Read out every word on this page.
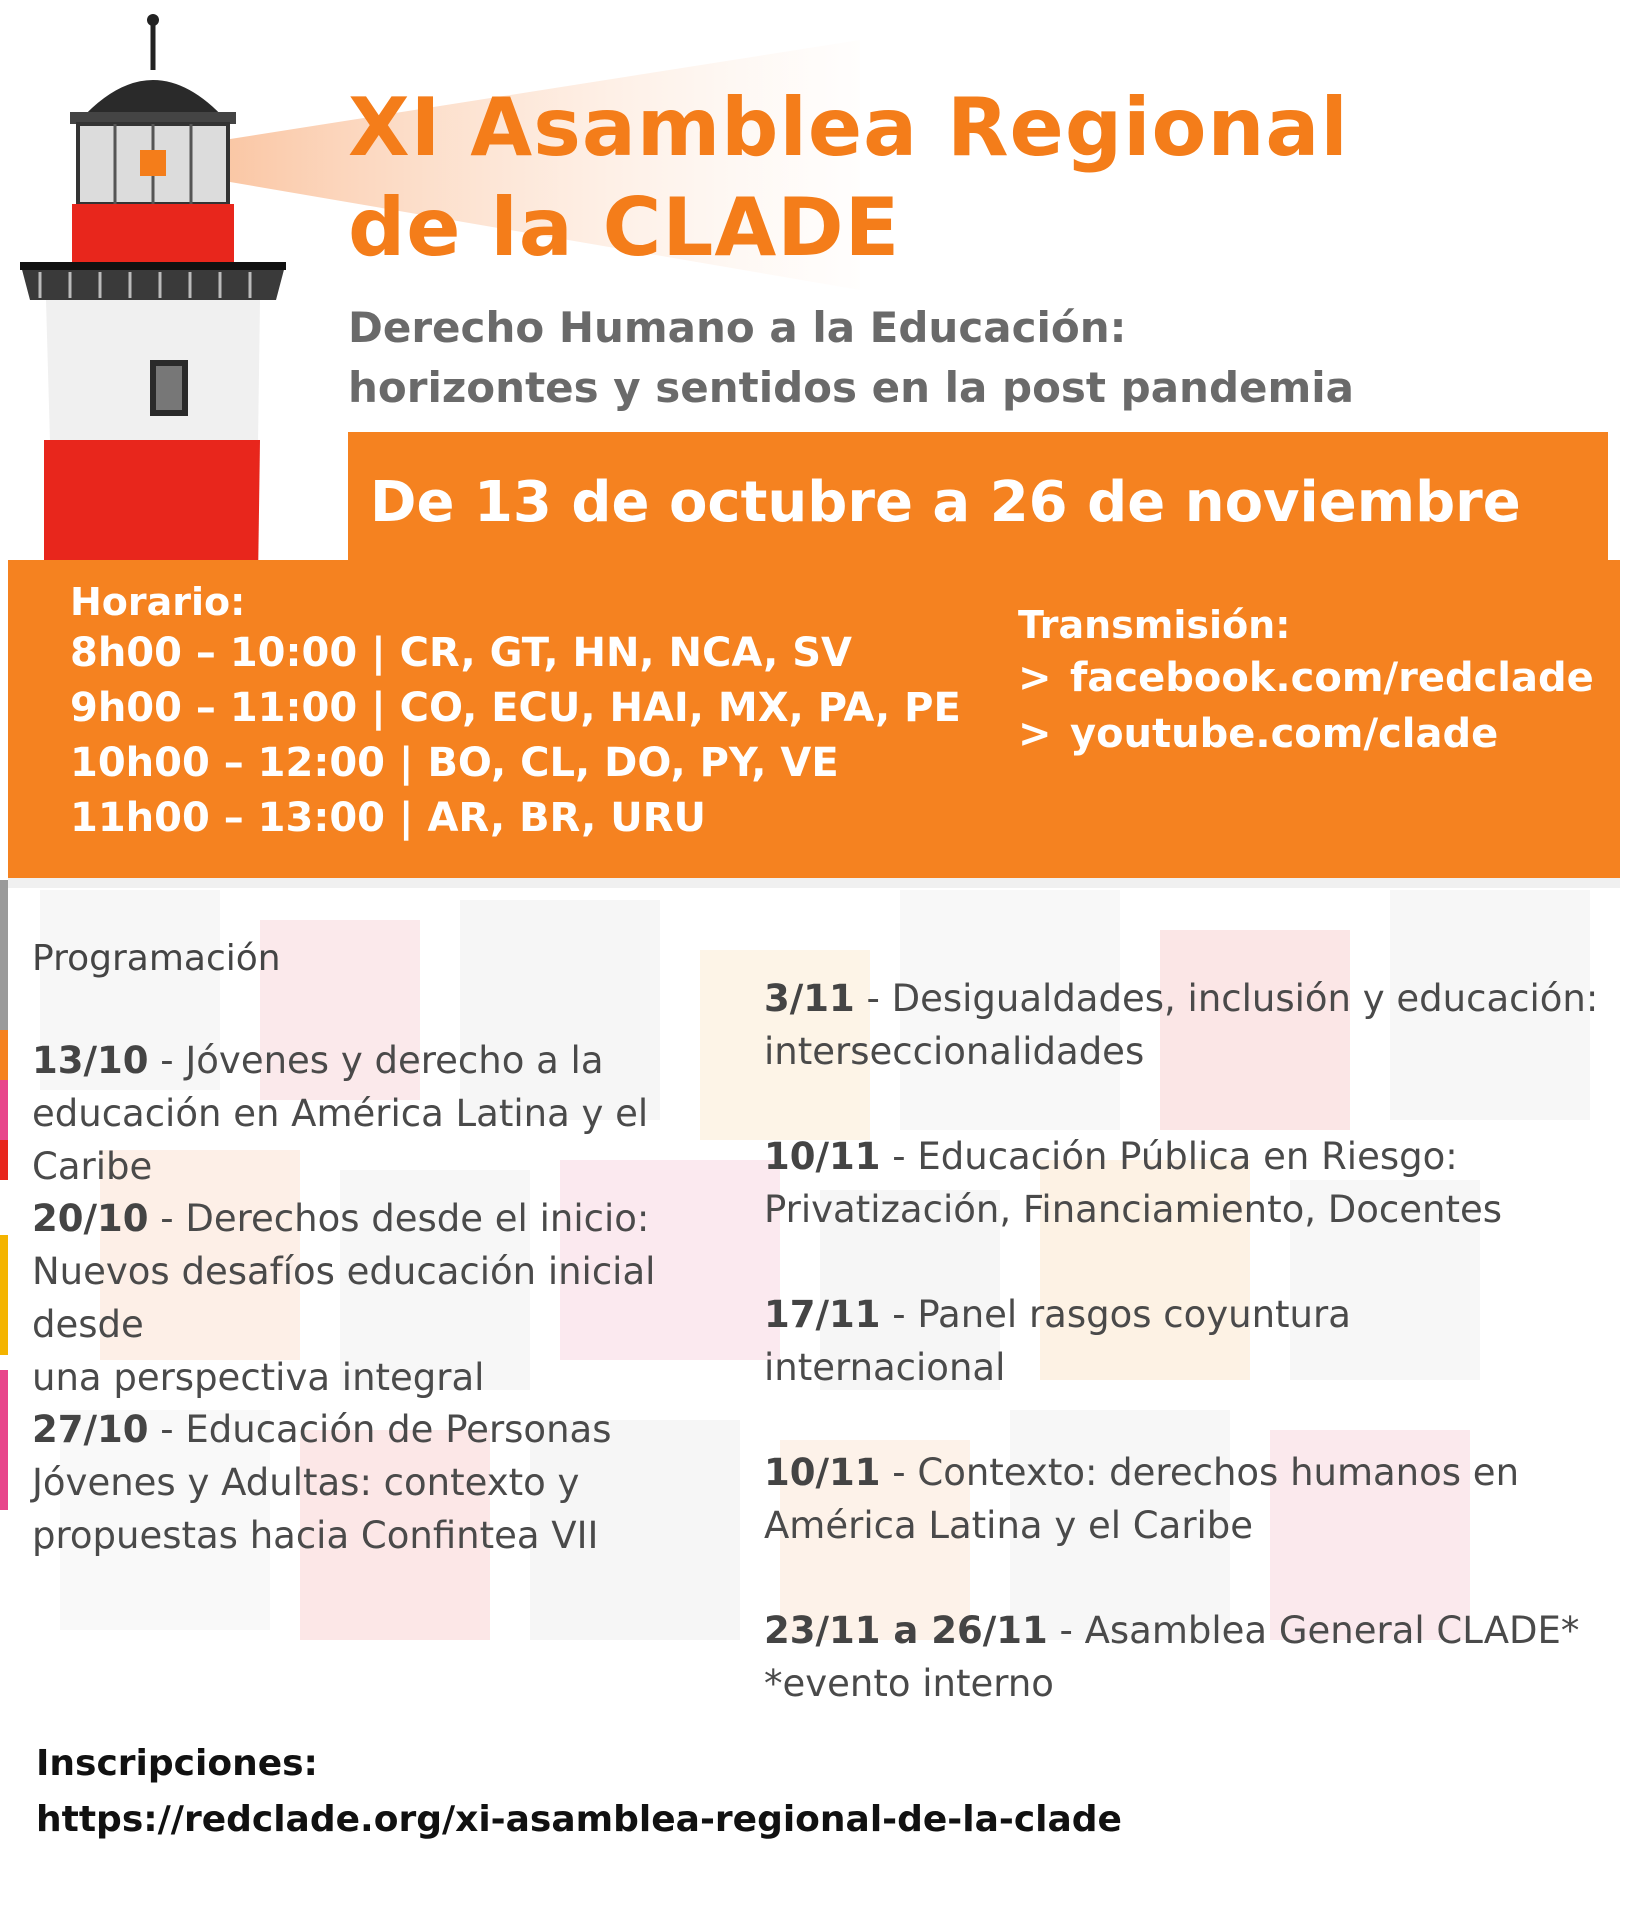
XI Asamblea Regional
de la CLADE
Derecho Humano a la Educación:
horizontes y sentidos en la post pandemia
De 13 de octubre a 26 de noviembre
Horario:
8h00 – 10:00 | CR, GT, HN, NCA, SV
9h00 – 11:00 | CO, ECU, HAI, MX, PA, PE
10h00 – 12:00 | BO, CL, DO, PY, VE
11h00 – 13:00 | AR, BR, URU
Transmisión:
> facebook.com/redclade
> youtube.com/clade
Programación
13/10 - Jóvenes y derecho a la
educación en América Latina y el Caribe
20/10 - Derechos desde el inicio:
Nuevos desafíos educación inicial desde
una perspectiva integral
27/10 - Educación de Personas
Jóvenes y Adultas: contexto y
propuestas hacia Confintea VII
3/11 - Desigualdades, inclusión y educación:
interseccionalidades
10/11 - Educación Pública en Riesgo:
Privatización, Financiamiento, Docentes
17/11 - Panel rasgos coyuntura
internacional
10/11 - Contexto: derechos humanos en
América Latina y el Caribe
23/11 a 26/11 - Asamblea General CLADE*
*evento interno
Inscripciones:
https://redclade.org/xi-asamblea-regional-de-la-clade
